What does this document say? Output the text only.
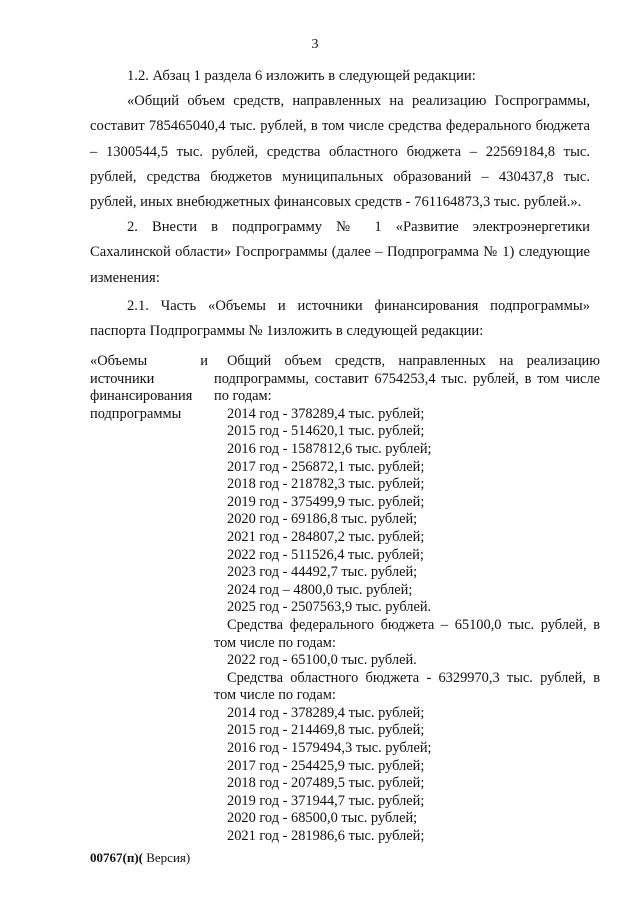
3

1.2. Абзац 1 раздела 6 изложить в следующей редакции:

«Общий объем средств, направленных на реализацию Госпрограммы, составит 785465040,4 тыс. рублей, в том числе средства федерального бюджета – 1300544,5 тыс. рублей, средства областного бюджета – 22569184,8 тыс. рублей, средства бюджетов муниципальных образований – 430437,8 тыс. рублей, иных внебюджетных финансовых средств - 761164873,3 тыс. рублей.».

2. Внести в подпрограмму № 1 «Развитие электроэнергетики Сахалинской области» Госпрограммы (далее – Подпрограмма № 1) следующие изменения:

2.1. Часть «Объемы и источники финансирования подпрограммы» паспорта Подпрограммы № 1изложить в следующей редакции:

«Объемы	и
источники
финансирования
подпрограммы
Общий объем средств, направленных на реализацию подпрограммы, составит 6754253,4 тыс. рублей, в том числе по годам:
2014 год - 378289,4 тыс. рублей;
2015 год - 514620,1 тыс. рублей;
2016 год - 1587812,6 тыс. рублей;
2017 год - 256872,1 тыс. рублей;
2018 год - 218782,3 тыс. рублей;
2019 год - 375499,9 тыс. рублей;
2020 год - 69186,8 тыс. рублей;
2021 год - 284807,2 тыс. рублей;
2022 год - 511526,4 тыс. рублей;
2023 год - 44492,7 тыс. рублей;
2024 год – 4800,0 тыс. рублей;
2025 год - 2507563,9 тыс. рублей.
Средства федерального бюджета – 65100,0 тыс. рублей, в том числе по годам:
2022 год - 65100,0 тыс. рублей.
Средства областного бюджета - 6329970,3 тыс. рублей, в том числе по годам:
2014 год - 378289,4 тыс. рублей;
2015 год - 214469,8 тыс. рублей;
2016 год - 1579494,3 тыс. рублей;
2017 год - 254425,9 тыс. рублей;
2018 год - 207489,5 тыс. рублей;
2019 год - 371944,7 тыс. рублей;
2020 год - 68500,0 тыс. рублей;
2021 год - 281986,6 тыс. рублей;
00767(п)( Версия)
